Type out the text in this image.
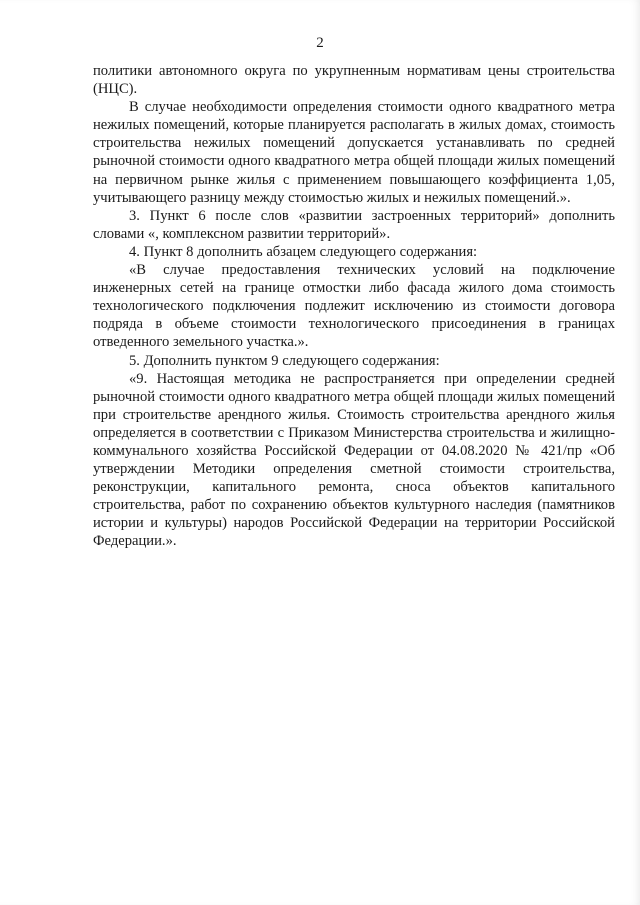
2

политики автономного округа по укрупненным нормативам цены строительства (НЦС).

В случае необходимости определения стоимости одного квадратного метра нежилых помещений, которые планируется располагать в жилых домах, стоимость строительства нежилых помещений допускается устанавливать по средней рыночной стоимости одного квадратного метра общей площади жилых помещений на первичном рынке жилья с применением повышающего коэффициента 1,05, учитывающего разницу между стоимостью жилых и нежилых помещений.».

3. Пункт 6 после слов «развитии застроенных территорий» дополнить словами «, комплексном развитии территорий».

4. Пункт 8 дополнить абзацем следующего содержания:

«В случае предоставления технических условий на подключение инженерных сетей на границе отмостки либо фасада жилого дома стоимость технологического подключения подлежит исключению из стоимости договора подряда в объеме стоимости технологического присоединения в границах отведенного земельного участка.».

5. Дополнить пунктом 9 следующего содержания:

«9. Настоящая методика не распространяется при определении средней рыночной стоимости одного квадратного метра общей площади жилых помещений при строительстве арендного жилья. Стоимость строительства арендного жилья определяется в соответствии с Приказом Министерства строительства и жилищно-коммунального хозяйства Российской Федерации от 04.08.2020 № 421/пр «Об утверждении Методики определения сметной стоимости строительства, реконструкции, капитального ремонта, сноса объектов капитального строительства, работ по сохранению объектов культурного наследия (памятников истории и культуры) народов Российской Федерации на территории Российской Федерации.».
